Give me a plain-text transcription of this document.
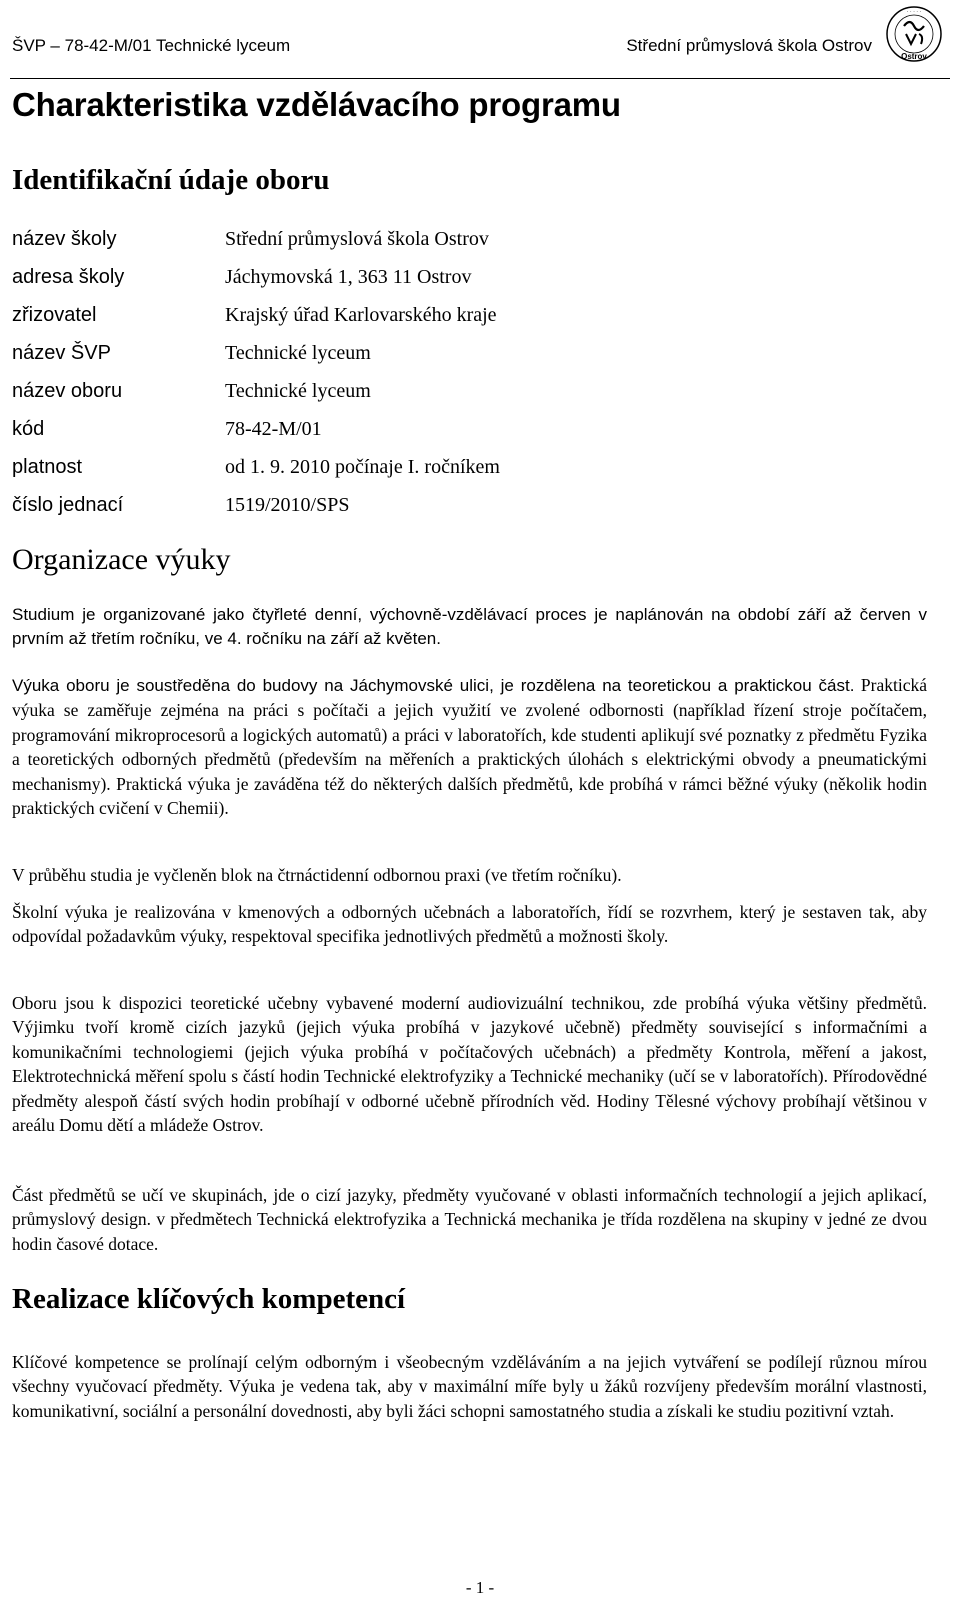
ŠVP – 78-42-M/01 Technické lyceum	Střední průmyslová škola Ostrov
· · · · ·
Ostrov
Charakteristika vzdělávacího programu
Identifikační údaje oboru
název školy	Střední průmyslová škola Ostrov
adresa školy	Jáchymovská 1, 363 11 Ostrov
zřizovatel	Krajský úřad Karlovarského kraje
název ŠVP	Technické lyceum
název oboru	Technické lyceum
kód	78-42-M/01
platnost	od 1. 9. 2010 počínaje I. ročníkem
číslo jednací	1519/2010/SPS
Organizace výuky

Studium je organizované jako čtyřleté denní, výchovně-vzdělávací proces je naplánován na období září až červen v prvním až třetím ročníku, ve 4. ročníku na září až květen.

Výuka oboru je soustředěna do budovy na Jáchymovské ulici, je rozdělena na teoretickou a praktickou část. Praktická výuka se zaměřuje zejména na práci s počítači a jejich využití ve zvolené odbornosti (například řízení stroje počítačem, programování mikroprocesorů a logických automatů) a práci v laboratořích, kde studenti aplikují své poznatky z předmětu Fyzika a teoretických odborných předmětů (především na měřeních a praktických úlohách s elektrickými obvody a pneumatickými mechanismy). Praktická výuka je zaváděna též do některých dalších předmětů, kde probíhá v rámci běžné výuky (několik hodin praktických cvičení v Chemii).

V průběhu studia je vyčleněn blok na čtrnáctidenní odbornou praxi (ve třetím ročníku).

Školní výuka je realizována v kmenových a odborných učebnách a laboratořích, řídí se rozvrhem, který je sestaven tak, aby odpovídal požadavkům výuky, respektoval specifika jednotlivých předmětů a možnosti školy.

Oboru jsou k dispozici teoretické učebny vybavené moderní audiovizuální technikou, zde probíhá výuka většiny předmětů. Výjimku tvoří kromě cizích jazyků (jejich výuka probíhá v jazykové učebně) předměty související s informačními a komunikačními technologiemi (jejich výuka probíhá v počítačových učebnách) a předměty Kontrola, měření a jakost, Elektrotechnická měření spolu s částí hodin Technické elektrofyziky a Technické mechaniky (učí se v laboratořích). Přírodovědné předměty alespoň částí svých hodin probíhají v odborné učebně přírodních věd. Hodiny Tělesné výchovy probíhají většinou v areálu Domu dětí a mládeže Ostrov.

Část předmětů se učí ve skupinách, jde o cizí jazyky, předměty vyučované v oblasti informačních technologií a jejich aplikací, průmyslový design. v předmětech Technická elektrofyzika a Technická mechanika je třída rozdělena na skupiny v jedné ze dvou hodin časové dotace.

Realizace klíčových kompetencí

Klíčové kompetence se prolínají celým odborným i všeobecným vzděláváním a na jejich vytváření se podílejí různou mírou všechny vyučovací předměty. Výuka je vedena tak, aby v maximální míře byly u žáků rozvíjeny především morální vlastnosti, komunikativní, sociální a personální dovednosti, aby byli žáci schopni samostatného studia a získali ke studiu pozitivní vztah.

- 1 -
